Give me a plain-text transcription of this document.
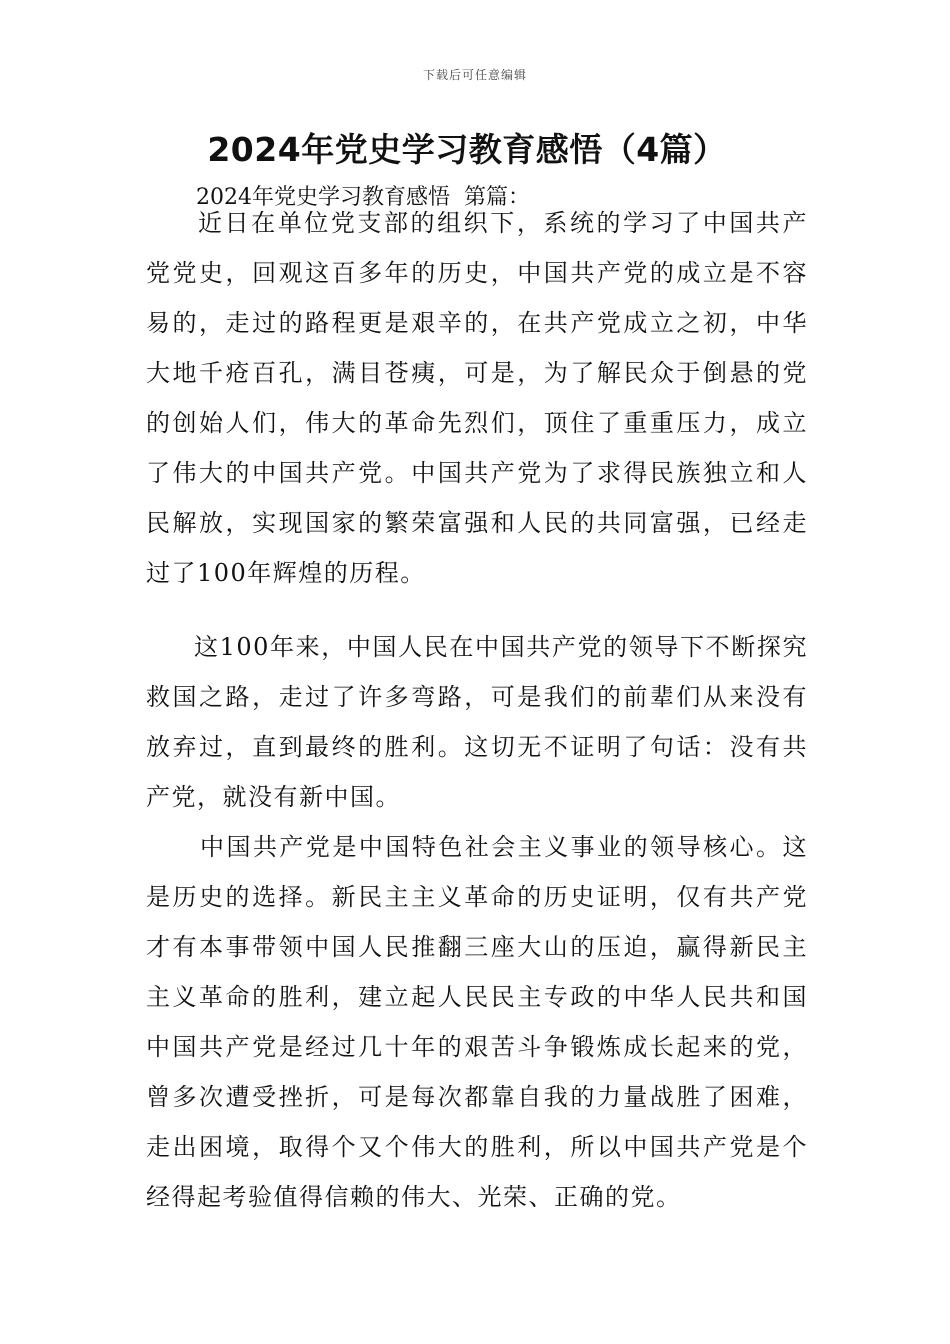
下载后可任意编辑
2024年党史学习教育感悟（4篇）
2024年党史学习教育感悟  第篇：

近日在单位党支部的组织下，系统的学习了中国共产党党史，回观这百多年的历史，中国共产党的成立是不容易的，走过的路程更是艰辛的，在共产党成立之初，中华大地千疮百孔，满目苍痍，可是，为了解民众于倒悬的党的创始人们，伟大的革命先烈们，顶住了重重压力，成立了伟大的中国共产党。中国共产党为了求得民族独立和人民解放，实现国家的繁荣富强和人民的共同富强，已经走过了100年辉煌的历程。

这100年来，中国人民在中国共产党的领导下不断探究救国之路，走过了许多弯路，可是我们的前辈们从来没有放弃过，直到最终的胜利。这切无不证明了句话：没有共产党，就没有新中国。

中国共产党是中国特色社会主义事业的领导核心。这是历史的选择。新民主主义革命的历史证明，仅有共产党才有本事带领中国人民推翻三座大山的压迫，赢得新民主主义革命的胜利，建立起人民民主专政的中华人民共和国中国共产党是经过几十年的艰苦斗争锻炼成长起来的党，曾多次遭受挫折，可是每次都靠自我的力量战胜了困难，走出困境，取得个又个伟大的胜利，所以中国共产党是个经得起考验值得信赖的伟大、光荣、正确的党。
